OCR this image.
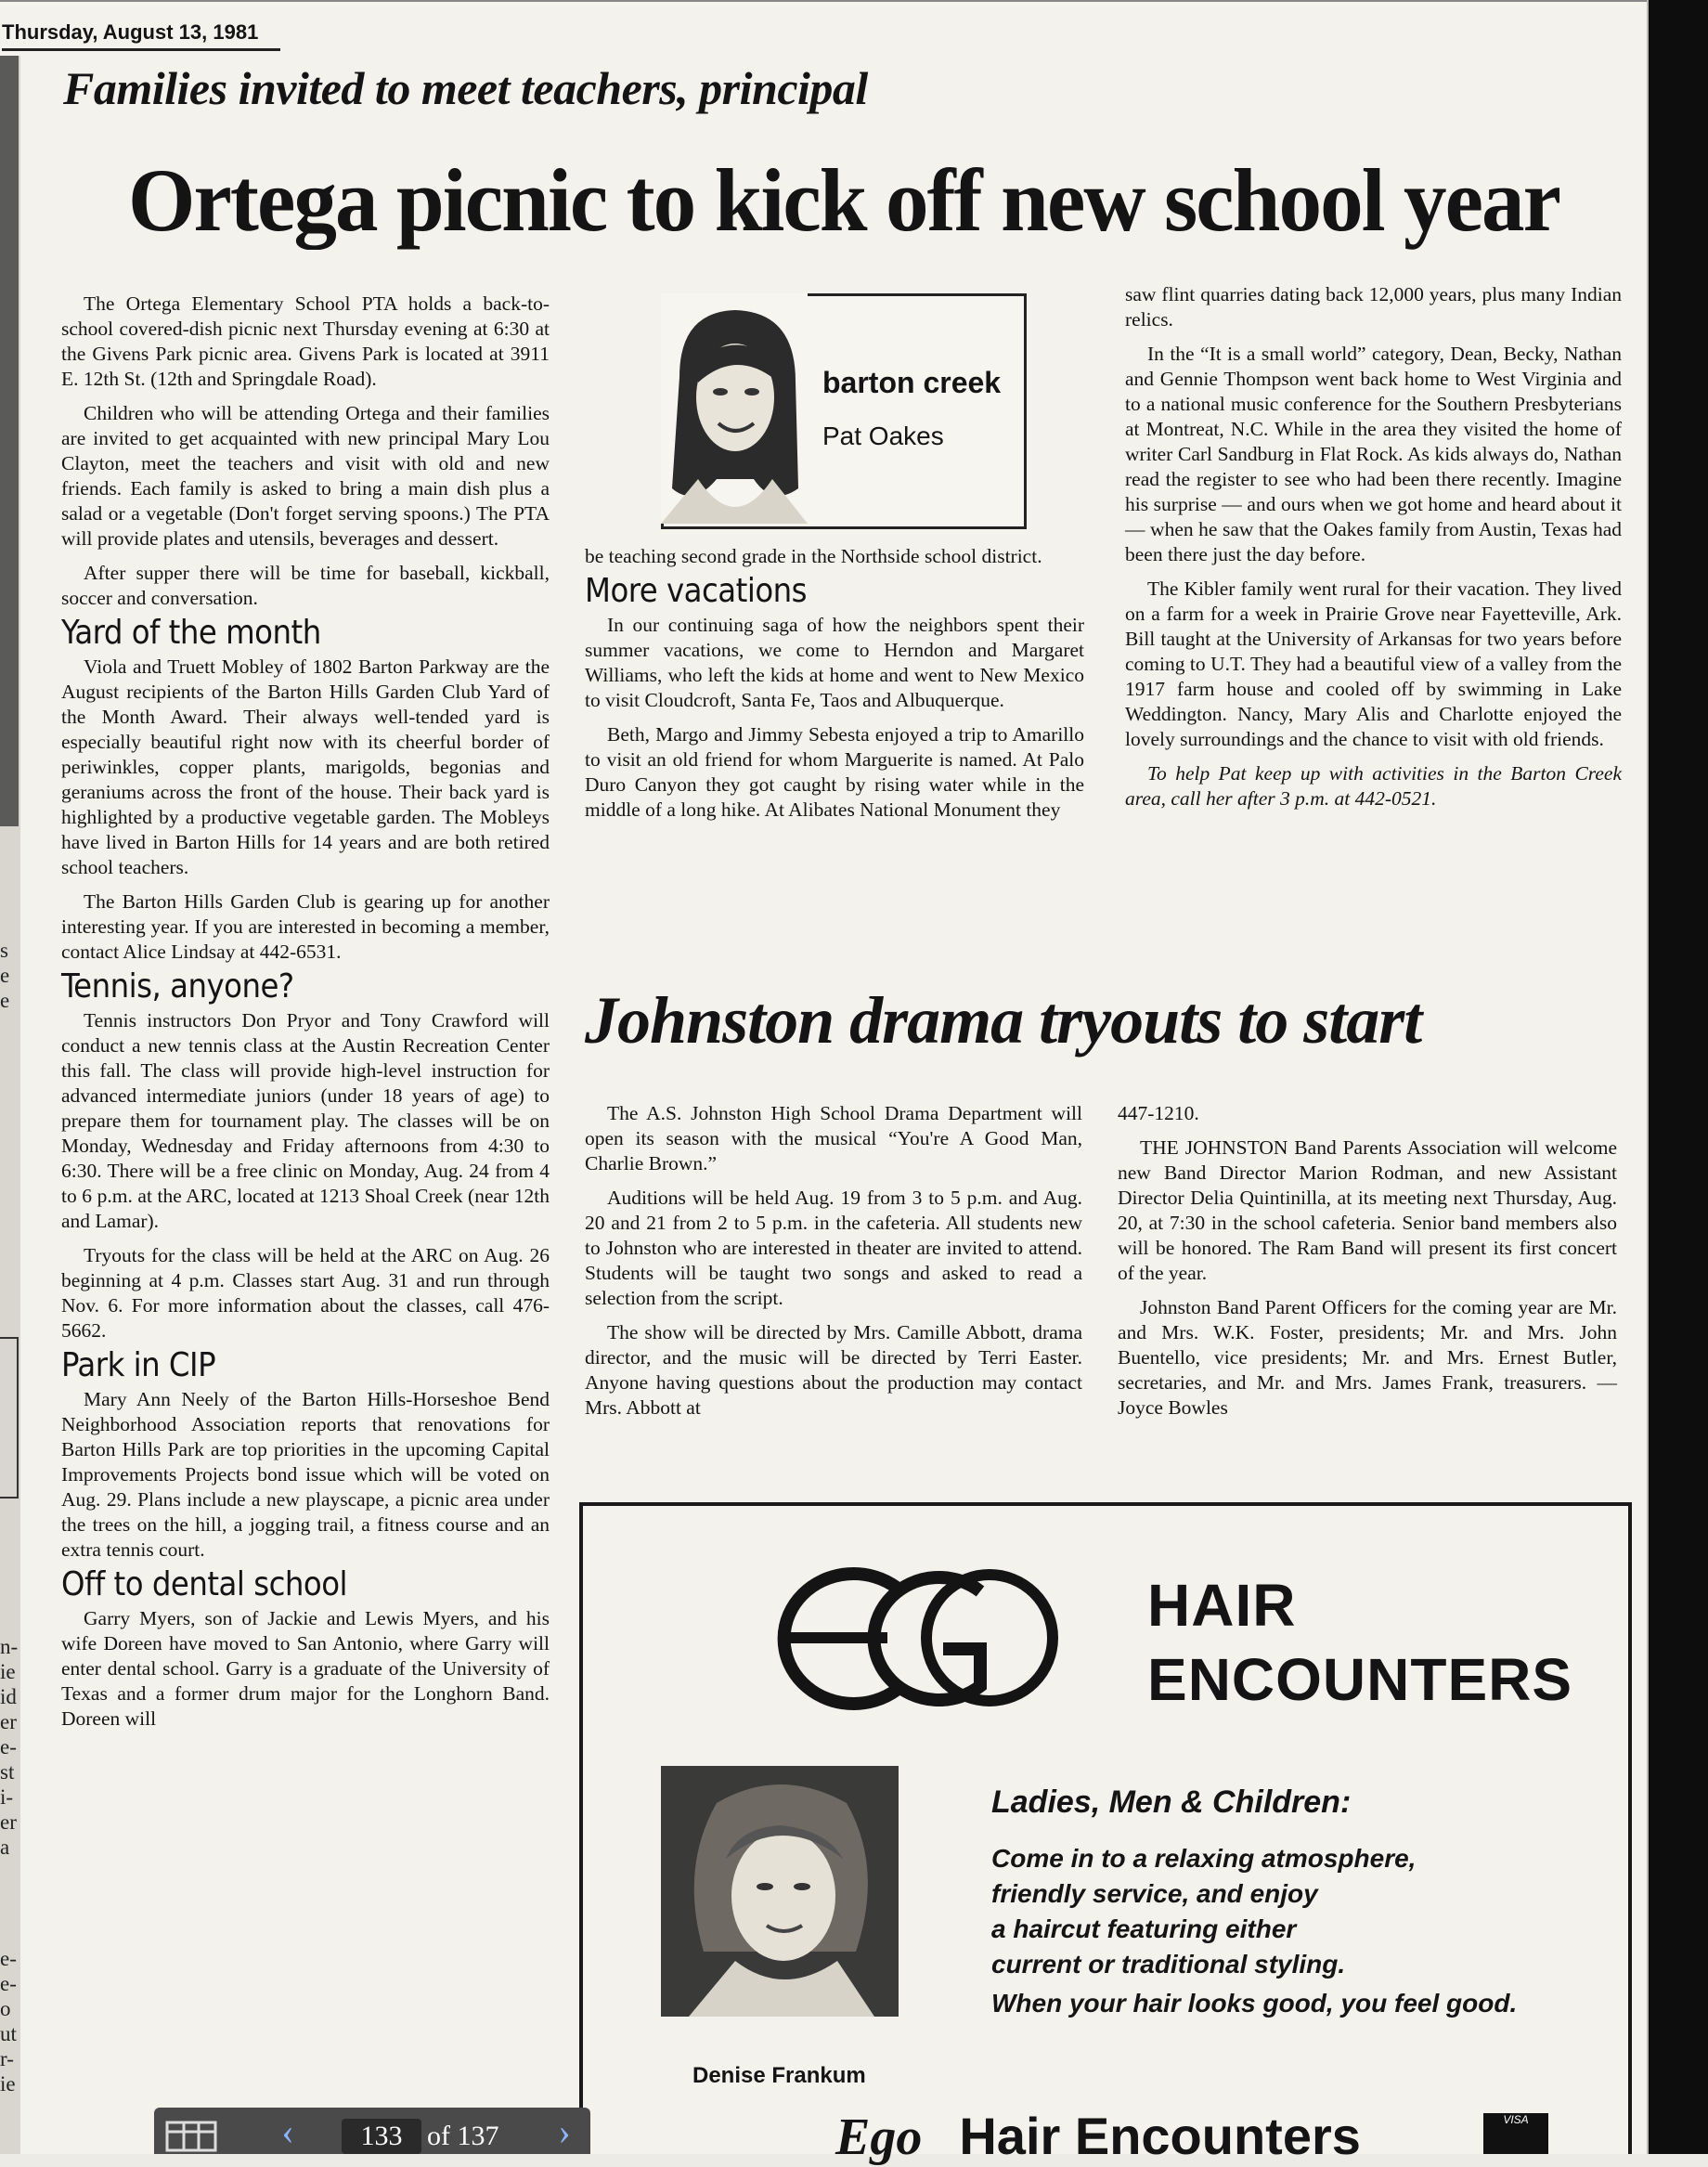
s
e
e
n-
ie
id
er
e-
st
i-
er
a
e-
e-
o
ut
r-
ie
Thursday, August 13, 1981
Families invited to meet teachers, principal
Ortega picnic to kick off new school year

The Ortega Elementary School PTA holds a back-to-school covered-dish picnic next Thursday evening at 6:30 at the Givens Park picnic area. Givens Park is located at 3911 E. 12th St. (12th and Springdale Road).

Children who will be attending Ortega and their families are invited to get acquainted with new principal Mary Lou Clayton, meet the teachers and visit with old and new friends. Each family is asked to bring a main dish plus a salad or a vegetable (Don't forget serving spoons.) The PTA will provide plates and utensils, beverages and dessert.

After supper there will be time for baseball, kickball, soccer and conversation.

Yard of the month

Viola and Truett Mobley of 1802 Barton Parkway are the August recipients of the Barton Hills Garden Club Yard of the Month Award. Their always well-tended yard is especially beautiful right now with its cheerful border of periwinkles, copper plants, marigolds, begonias and geraniums across the front of the house. Their back yard is highlighted by a productive vegetable garden. The Mobleys have lived in Barton Hills for 14 years and are both retired school teachers.

The Barton Hills Garden Club is gearing up for another interesting year. If you are interested in becoming a member, contact Alice Lindsay at 442-6531.

Tennis, anyone?

Tennis instructors Don Pryor and Tony Crawford will conduct a new tennis class at the Austin Recreation Center this fall. The class will provide high-level instruction for advanced intermediate juniors (under 18 years of age) to prepare them for tournament play. The classes will be on Monday, Wednesday and Friday afternoons from 4:30 to 6:30. There will be a free clinic on Monday, Aug. 24 from 4 to 6 p.m. at the ARC, located at 1213 Shoal Creek (near 12th and Lamar).

Tryouts for the class will be held at the ARC on Aug. 26 beginning at 4 p.m. Classes start Aug. 31 and run through Nov. 6. For more information about the classes, call 476-5662.

Park in CIP

Mary Ann Neely of the Barton Hills-Horseshoe Bend Neighborhood Association reports that renovations for Barton Hills Park are top priorities in the upcoming Capital Improvements Projects bond issue which will be voted on Aug. 29. Plans include a new playscape, a picnic area under the trees on the hill, a jogging trail, a fitness course and an extra tennis court.

Off to dental school

Garry Myers, son of Jackie and Lewis Myers, and his wife Doreen have moved to San Antonio, where Garry will enter dental school. Garry is a graduate of the University of Texas and a former drum major for the Longhorn Band. Doreen will

barton creek
Pat Oakes

be teaching second grade in the Northside school district.

More vacations

In our continuing saga of how the neighbors spent their summer vacations, we come to Herndon and Margaret Williams, who left the kids at home and went to New Mexico to visit Cloudcroft, Santa Fe, Taos and Albuquerque.

Beth, Margo and Jimmy Sebesta enjoyed a trip to Amarillo to visit an old friend for whom Marguerite is named. At Palo Duro Canyon they got caught by rising water while in the middle of a long hike. At Alibates National Monument they

saw flint quarries dating back 12,000 years, plus many Indian relics.

In the “It is a small world” category, Dean, Becky, Nathan and Gennie Thompson went back home to West Virginia and to a national music conference for the Southern Presbyterians at Montreat, N.C. While in the area they visited the home of writer Carl Sandburg in Flat Rock. As kids always do, Nathan read the register to see who had been there recently. Imagine his surprise — and ours when we got home and heard about it — when he saw that the Oakes family from Austin, Texas had been there just the day before.

The Kibler family went rural for their vacation. They lived on a farm for a week in Prairie Grove near Fayetteville, Ark. Bill taught at the University of Arkansas for two years before coming to U.T. They had a beautiful view of a valley from the 1917 farm house and cooled off by swimming in Lake Weddington. Nancy, Mary Alis and Charlotte enjoyed the lovely surroundings and the chance to visit with old friends.

To help Pat keep up with activities in the Barton Creek area, call her after 3 p.m. at 442-0521.

Johnston drama tryouts to start

The A.S. Johnston High School Drama Department will open its season with the musical “You're A Good Man, Charlie Brown.”

Auditions will be held Aug. 19 from 3 to 5 p.m. and Aug. 20 and 21 from 2 to 5 p.m. in the cafeteria. All students new to Johnston who are interested in theater are invited to attend. Students will be taught two songs and asked to read a selection from the script.

The show will be directed by Mrs. Camille Abbott, drama director, and the music will be directed by Terri Easter. Anyone having questions about the production may contact Mrs. Abbott at

447-1210.

THE JOHNSTON Band Parents Association will welcome new Band Director Marion Rodman, and new Assistant Director Delia Quintinilla, at its meeting next Thursday, Aug. 20, at 7:30 in the school cafeteria. Senior band members also will be honored. The Ram Band will present its first concert of the year.

Johnston Band Parent Officers for the coming year are Mr. and Mrs. W.K. Foster, presidents; Mr. and Mrs. John Buentello, vice presidents; Mr. and Mrs. Ernest Butler, secretaries, and Mr. and Mrs. James Frank, treasurers. — Joyce Bowles

HAIR
ENCOUNTERS
Denise Frankum
Ladies, Men & Children:
Come in to a relaxing atmosphere,
friendly service, and enjoy
a haircut featuring either
current or traditional styling.
When your hair looks good, you feel good.
Ego Hair Encounters	VISA
‹	133 of 137	›
